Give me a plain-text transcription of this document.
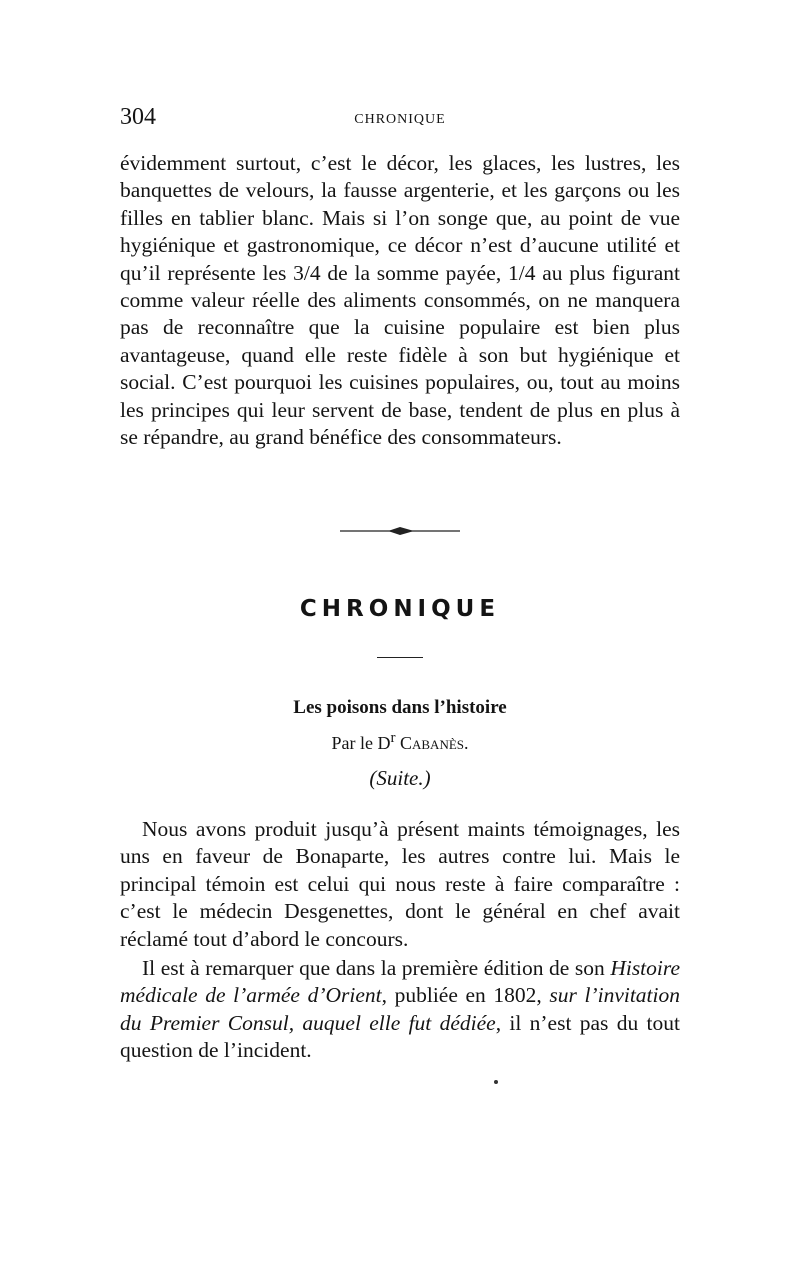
304	CHRONIQUE

évidemment surtout, c’est le décor, les glaces, les lustres, les banquettes de velours, la fausse argenterie, et les garçons ou les filles en tablier blanc. Mais si l’on songe que, au point de vue hygiénique et gastronomique, ce décor n’est d’aucune utilité et qu’il représente les 3/4 de la somme payée, 1/4 au plus figurant comme valeur réelle des aliments consommés, on ne manquera pas de reconnaître que la cuisine populaire est bien plus avantageuse, quand elle reste fidèle à son but hygiénique et social. C’est pourquoi les cuisines populaires, ou, tout au moins les principes qui leur servent de base, tendent de plus en plus à se répandre, au grand bénéfice des consommateurs.

CHRONIQUE
Les poisons dans l’histoire
Par le $D^r$ Cabanès.
(Suite.)

Nous avons produit jusqu’à présent maints témoignages, les uns en faveur de Bonaparte, les autres contre lui. Mais le principal témoin est celui qui nous reste à faire comparaître : c’est le médecin Desgenettes, dont le général en chef avait réclamé tout d’abord le concours.

Il est à remarquer que dans la première édition de son Histoire médicale de l’armée d’Orient, publiée en 1802, sur l’invitation du Premier Consul, auquel elle fut dédiée, il n’est pas du tout question de l’incident.
